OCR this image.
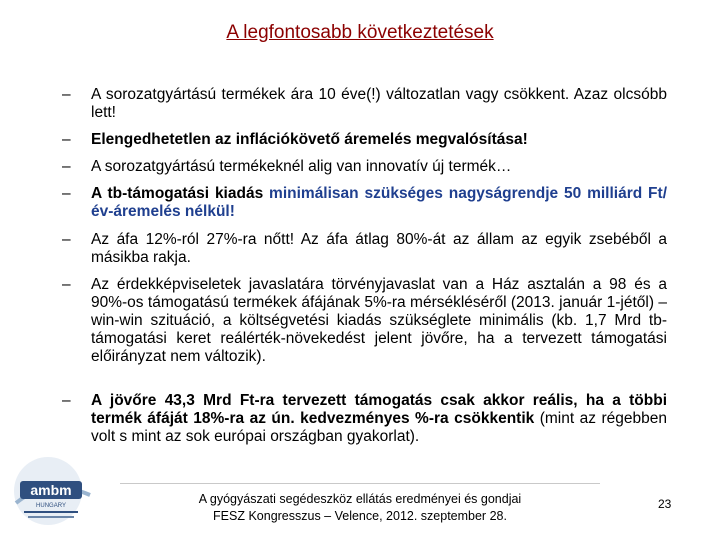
A legfontosabb következtetések
–	A sorozatgyártású termékek ára 10 éve(!) változatlan vagy csökkent. Azaz olcsóbb lett!
–	Elengedhetetlen az inflációkövető áremelés megvalósítása!
–	A sorozatgyártású termékeknél alig van innovatív új termék…
–	A tb-támogatási kiadás minimálisan szükséges nagyságrendje 50 milliárd Ft/év-áremelés nélkül!
–	Az áfa 12%-ról 27%-ra nőtt! Az áfa átlag 80%-át az állam az egyik zsebéből a másikba rakja.
–	Az érdekképviseletek javaslatára törvényjavaslat van a Ház asztalán a 98 és a 90%-os támogatású termékek áfájának 5%-ra mérsékléséről (2013. január 1-jétől) – win-win szituáció, a költségvetési kiadás szükséglete minimális (kb. 1,7 Mrd tb-támogatási keret reálérték-növekedést jelent jövőre, ha a tervezett támogatási előirányzat nem változik).
–	A jövőre 43,3 Mrd Ft-ra tervezett támogatás csak akkor reális, ha a többi termék áfáját 18%-ra az ún. kedvezményes %-ra csökkentik (mint az régebben volt s mint az sok európai országban gyakorlat).
ambm
HUNGARY	A gyógyászati segédeszköz ellátás eredményei és gondjai
FESZ Kongresszus – Velence, 2012. szeptember 28.
23
